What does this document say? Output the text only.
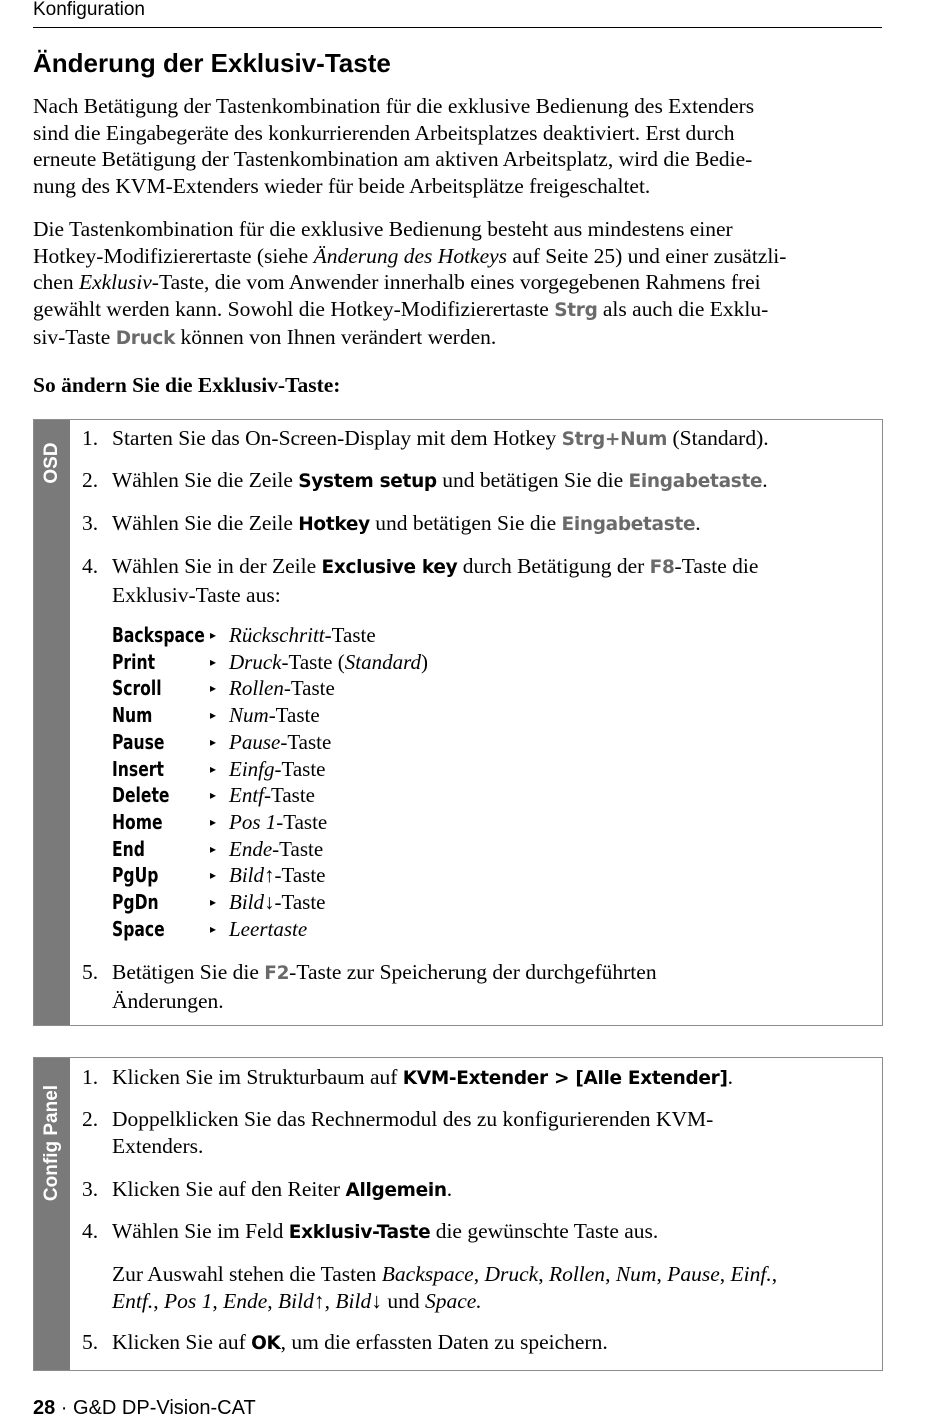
Konfiguration
Änderung der Exklusiv-Taste
Nach Betätigung der Tastenkombination für die exklusive Bedienung des Extenders
sind die Eingabegeräte des konkurrierenden Arbeitsplatzes deaktiviert. Erst durch
erneute Betätigung der Tastenkombination am aktiven Arbeitsplatz, wird die Bedie-
nung des KVM-Extenders wieder für beide Arbeitsplätze freigeschaltet.
Die Tastenkombination für die exklusive Bedienung besteht aus mindestens einer
Hotkey-Modifizierertaste (siehe Änderung des Hotkeys auf Seite 25) und einer zusätzli-
chen Exklusiv-Taste, die vom Anwender innerhalb eines vorgegebenen Rahmens frei
gewählt werden kann. Sowohl die Hotkey-Modifizierertaste Strg als auch die Exklu-
siv-Taste Druck können von Ihnen verändert werden.
So ändern Sie die Exklusiv-Taste:
OSD
1. Starten Sie das On-Screen-Display mit dem Hotkey Strg+Num (Standard).
2. Wählen Sie die Zeile System setup und betätigen Sie die Eingabetaste.
3. Wählen Sie die Zeile Hotkey und betätigen Sie die Eingabetaste.
4. Wählen Sie in der Zeile Exclusive key durch Betätigung der F8-Taste die
Exklusiv-Taste aus:
Backspace ▸ Rückschritt-Taste
Print	▸ Druck-Taste (Standard)
Scroll	▸ Rollen-Taste
Num	▸ Num-Taste
Pause	▸ Pause-Taste
Insert	▸ Einfg-Taste
Delete	▸ Entf-Taste
Home	▸ Pos 1-Taste
End	▸ Ende-Taste
PgUp	▸ Bild↑-Taste
PgDn	▸ Bild↓-Taste
Space	▸ Leertaste
5. Betätigen Sie die F2-Taste zur Speicherung der durchgeführten
Änderungen.
Config Panel
1. Klicken Sie im Strukturbaum auf KVM-Extender > [Alle Extender].
2. Doppelklicken Sie das Rechnermodul des zu konfigurierenden KVM-
Extenders.
3. Klicken Sie auf den Reiter Allgemein.
4. Wählen Sie im Feld Exklusiv-Taste die gewünschte Taste aus.
Zur Auswahl stehen die Tasten Backspace, Druck, Rollen, Num, Pause, Einf.,
Entf., Pos 1, Ende, Bild↑, Bild↓ und Space.
5. Klicken Sie auf OK, um die erfassten Daten zu speichern.
28 · G&D DP-Vision-CAT
